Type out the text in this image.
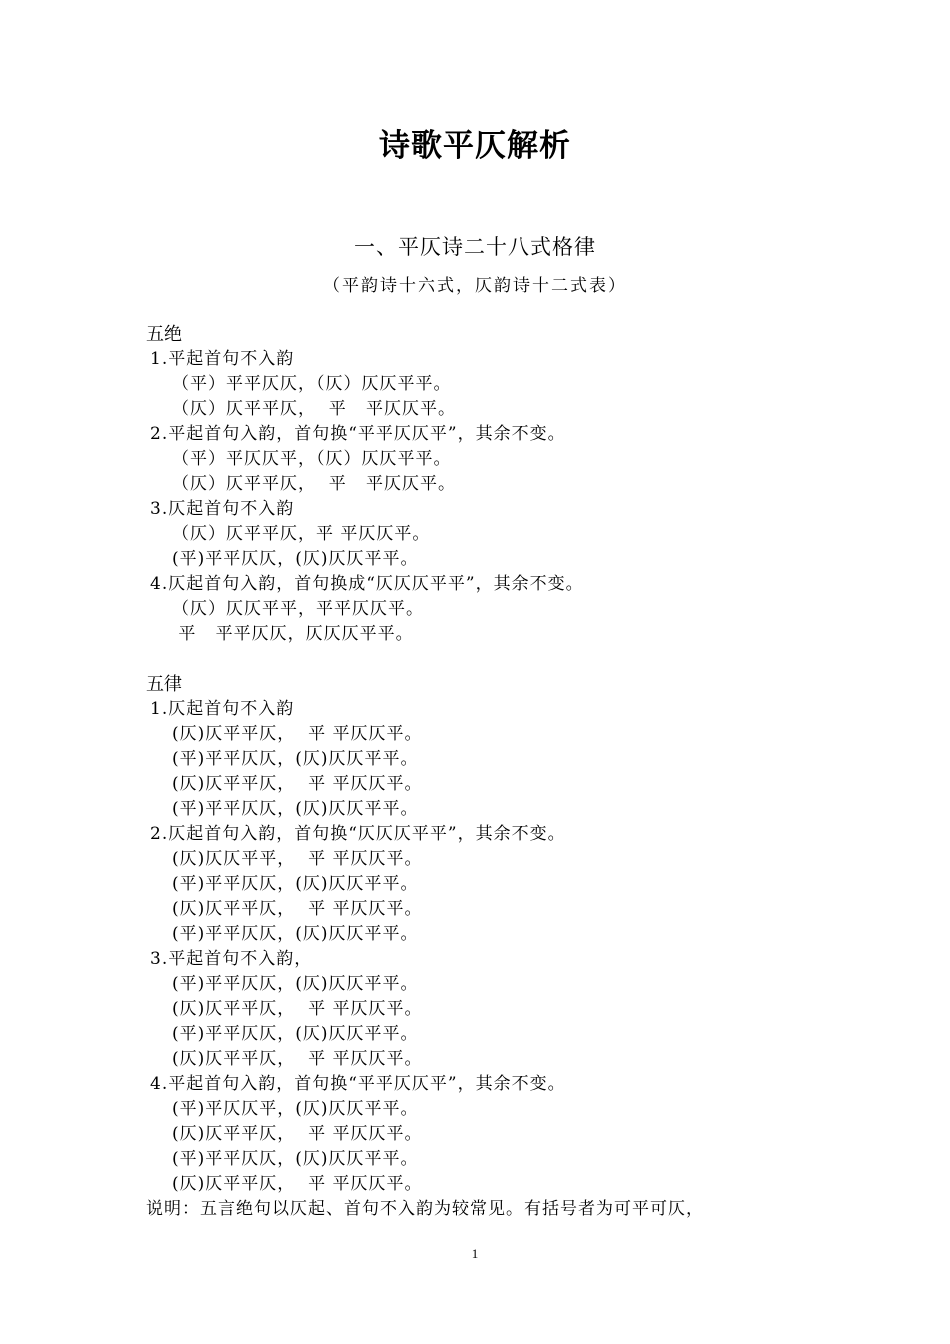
诗歌平仄解析
一、平仄诗二十八式格律
（平韵诗十六式，仄韵诗十二式表）
五绝
1.平起首句不入韵
（平）平平仄仄，（仄）仄仄平平。
（仄）仄平平仄，  平   平仄仄平。
2.平起首句入韵，首句换“平平仄仄平”，其余不变。
（平）平仄仄平，（仄）仄仄平平。
（仄）仄平平仄，  平   平仄仄平。
3.仄起首句不入韵
（仄）仄平平仄，平 平仄仄平。
(平)平平仄仄，(仄)仄仄平平。
4.仄起首句入韵，首句换成“仄仄仄平平”，其余不变。
（仄）仄仄平平，平平仄仄平。
平   平平仄仄，仄仄仄平平。
五律
1.仄起首句不入韵
(仄)仄平平仄，  平 平仄仄平。
(平)平平仄仄，(仄)仄仄平平。
(仄)仄平平仄，  平 平仄仄平。
(平)平平仄仄，(仄)仄仄平平。
2.仄起首句入韵，首句换“仄仄仄平平”，其余不变。
(仄)仄仄平平，  平 平仄仄平。
(平)平平仄仄，(仄)仄仄平平。
(仄)仄平平仄，  平 平仄仄平。
(平)平平仄仄，(仄)仄仄平平。
3.平起首句不入韵，
(平)平平仄仄，(仄)仄仄平平。
(仄)仄平平仄，  平 平仄仄平。
(平)平平仄仄，(仄)仄仄平平。
(仄)仄平平仄，  平 平仄仄平。
4.平起首句入韵，首句换“平平仄仄平”，其余不变。
(平)平仄仄平，(仄)仄仄平平。
(仄)仄平平仄，  平 平仄仄平。
(平)平平仄仄，(仄)仄仄平平。
(仄)仄平平仄，  平 平仄仄平。
说明：五言绝句以仄起、首句不入韵为较常见。有括号者为可平可仄，
1
